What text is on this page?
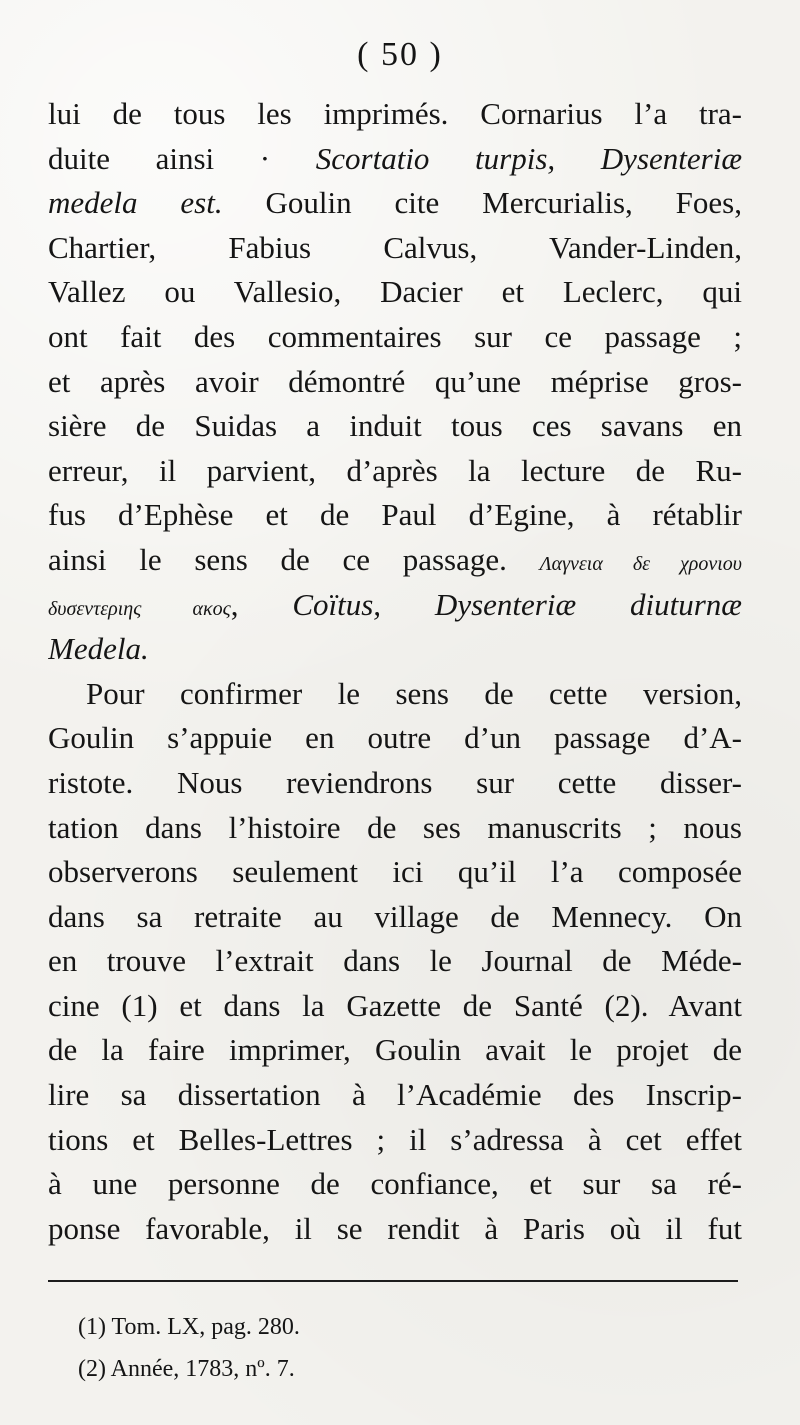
( 50 )
lui de tous les imprimés. Cornarius l’a tra-
duite ainsi · Scortatio turpis, Dysenteriæ
medela est. Goulin cite Mercurialis, Foes,
Chartier, Fabius Calvus, Vander-Linden,
Vallez ou Vallesio, Dacier et Leclerc, qui
ont fait des commentaires sur ce passage ;
et après avoir démontré qu’une méprise gros-
sière de Suidas a induit tous ces savans en
erreur, il parvient, d’après la lecture de Ru-
fus d’Ephèse et de Paul d’Egine, à rétablir
ainsi le sens de ce passage. Λαγνεια δε χρονιου
δυσεντεριης ακος, Coïtus, Dysenteriæ diuturnæ
Medela.
Pour confirmer le sens de cette version,
Goulin s’appuie en outre d’un passage d’A-
ristote. Nous reviendrons sur cette disser-
tation dans l’histoire de ses manuscrits ; nous
observerons seulement ici qu’il l’a composée
dans sa retraite au village de Mennecy. On
en trouve l’extrait dans le Journal de Méde-
cine (1) et dans la Gazette de Santé (2). Avant
de la faire imprimer, Goulin avait le projet de
lire sa dissertation à l’Académie des Inscrip-
tions et Belles-Lettres ; il s’adressa à cet effet
à une personne de confiance, et sur sa ré-
ponse favorable, il se rendit à Paris où il fut
(1) Tom. LX, pag. 280.
(2) Année, 1783, nº. 7.
